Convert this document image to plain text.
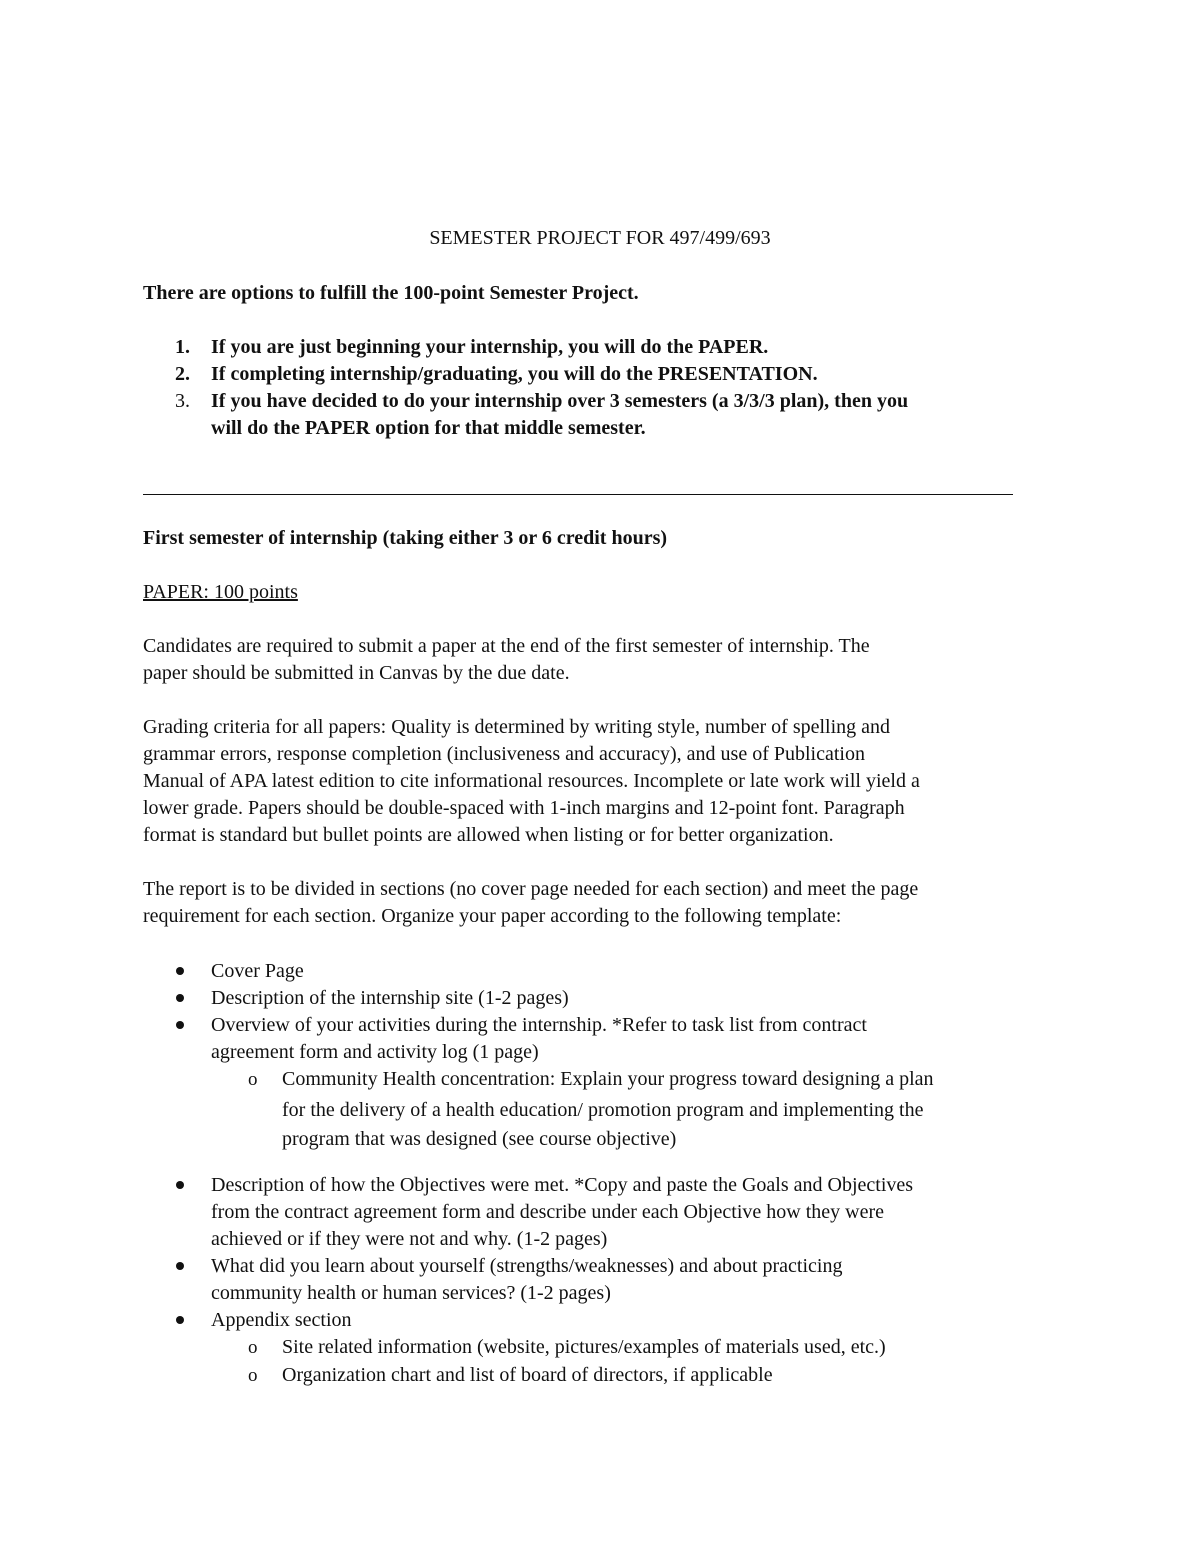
SEMESTER PROJECT FOR 497/499/693
There are options to fulfill the 100-point Semester Project.
1. If you are just beginning your internship, you will do the PAPER.
2. If completing internship/graduating, you will do the PRESENTATION.
3. If you have decided to do your internship over 3 semesters (a 3/3/3 plan), then you
will do the PAPER option for that middle semester.
First semester of internship (taking either 3 or 6 credit hours)
PAPER: 100 points
Candidates are required to submit a paper at the end of the first semester of internship. The
paper should be submitted in Canvas by the due date.
Grading criteria for all papers: Quality is determined by writing style, number of spelling and
grammar errors, response completion (inclusiveness and accuracy), and use of Publication
Manual of APA latest edition to cite informational resources. Incomplete or late work will yield a
lower grade. Papers should be double-spaced with 1-inch margins and 12-point font. Paragraph
format is standard but bullet points are allowed when listing or for better organization.
The report is to be divided in sections (no cover page needed for each section) and meet the page
requirement for each section. Organize your paper according to the following template:
Cover Page
Description of the internship site (1-2 pages)
Overview of your activities during the internship. *Refer to task list from contract
agreement form and activity log (1 page)
o Community Health concentration: Explain your progress toward designing a plan
for the delivery of a health education/ promotion program and implementing the
program that was designed (see course objective)
Description of how the Objectives were met. *Copy and paste the Goals and Objectives
from the contract agreement form and describe under each Objective how they were
achieved or if they were not and why. (1-2 pages)
What did you learn about yourself (strengths/weaknesses) and about practicing
community health or human services? (1-2 pages)
Appendix section
o Site related information (website, pictures/examples of materials used, etc.)
o Organization chart and list of board of directors, if applicable
